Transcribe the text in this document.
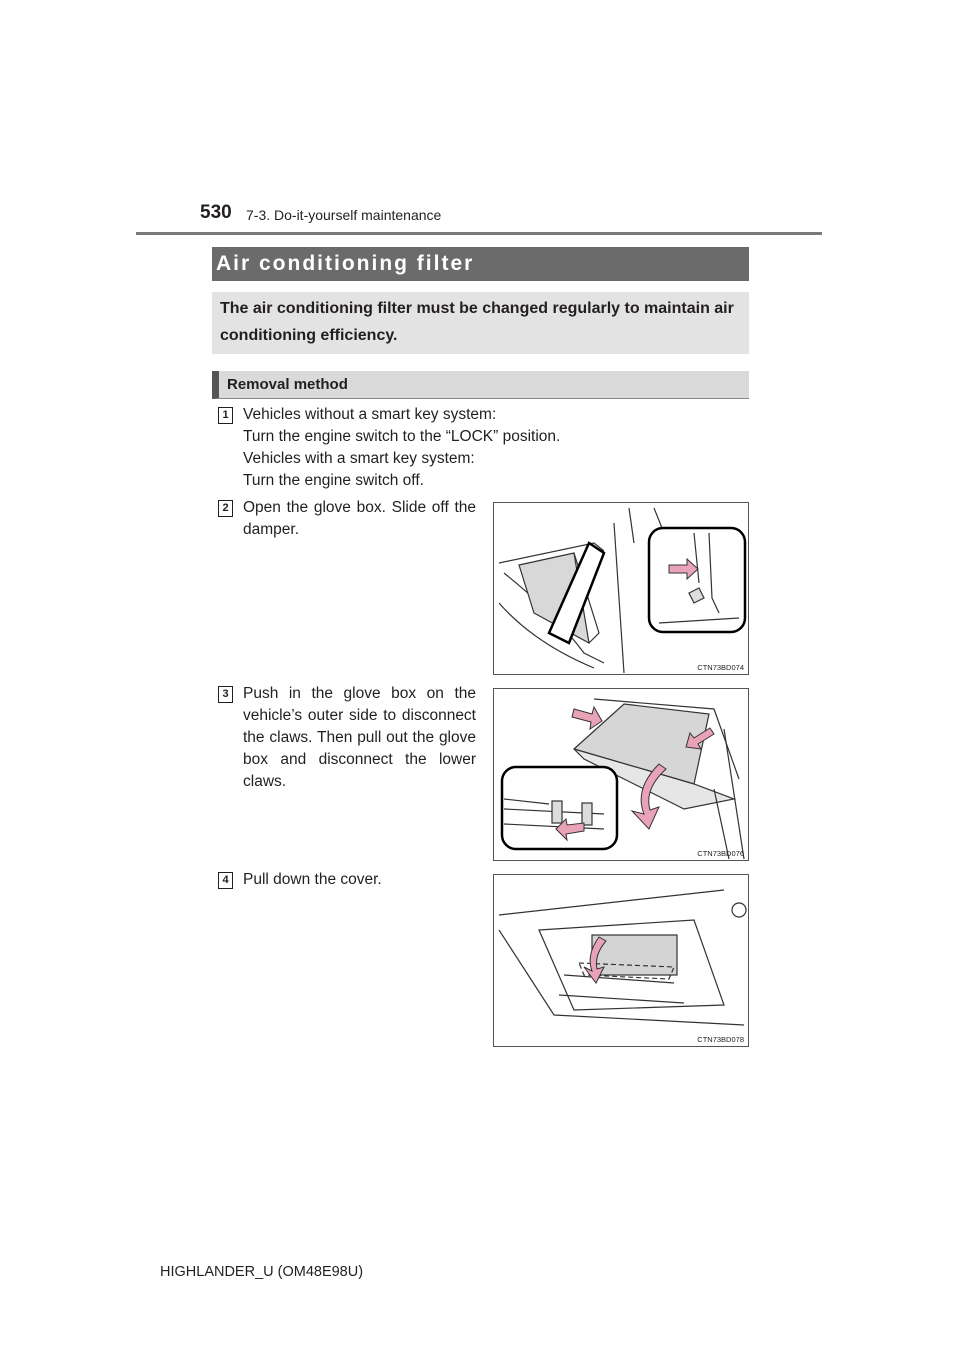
530 7-3. Do-it-yourself maintenance
Air conditioning filter
The air conditioning filter must be changed regularly to maintain air conditioning efficiency.
Removal method
1 Vehicles without a smart key system:
Turn the engine switch to the “LOCK” position.
Vehicles with a smart key system:
Turn the engine switch off.
2 Open the glove box. Slide off the damper.
CTN73BD074
3 Push in the glove box on the vehicle’s outer side to disconnect the claws. Then pull out the glove box and disconnect the lower claws.
CTN73BD076
4 Pull down the cover.
CTN73BD078
HIGHLANDER_U (OM48E98U)
